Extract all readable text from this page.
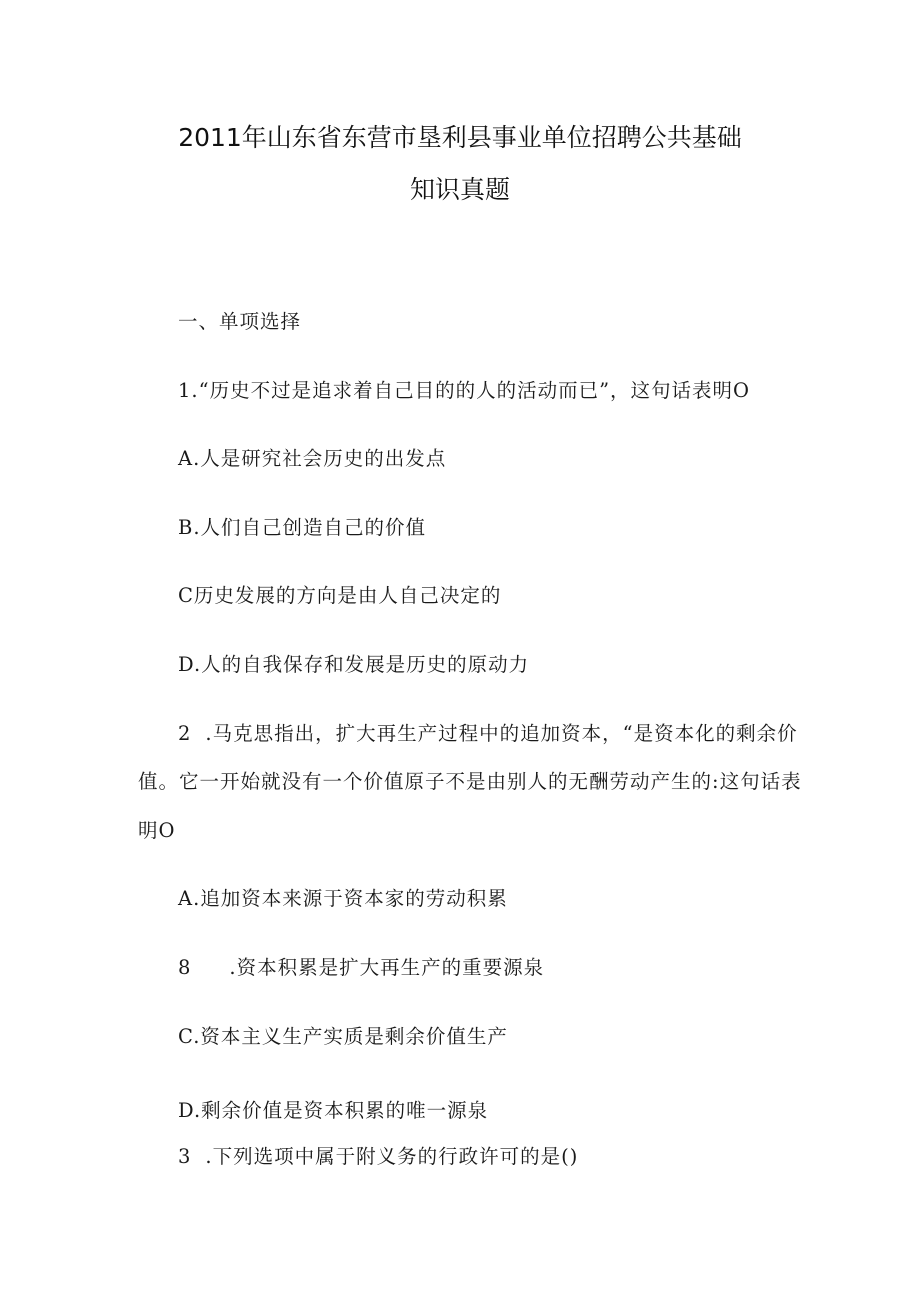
2011年山东省东营市垦利县事业单位招聘公共基础
知识真题
一、单项选择
1.“历史不过是追求着自己目的的人的活动而已”，这句话表明O
A.人是研究社会历史的出发点
B.人们自己创造自己的价值
C历史发展的方向是由人自己决定的
D.人的自我保存和发展是历史的原动力
2 .马克思指出，扩大再生产过程中的追加资本，“是资本化的剩余价
值。它一开始就没有一个价值原子不是由别人的无酬劳动产生的:这句话表
明O
A.追加资本来源于资本家的劳动积累
8 .资本积累是扩大再生产的重要源泉
C.资本主义生产实质是剩余价值生产
D.剩余价值是资本积累的唯一源泉
3 .下列选项中属于附义务的行政许可的是()
